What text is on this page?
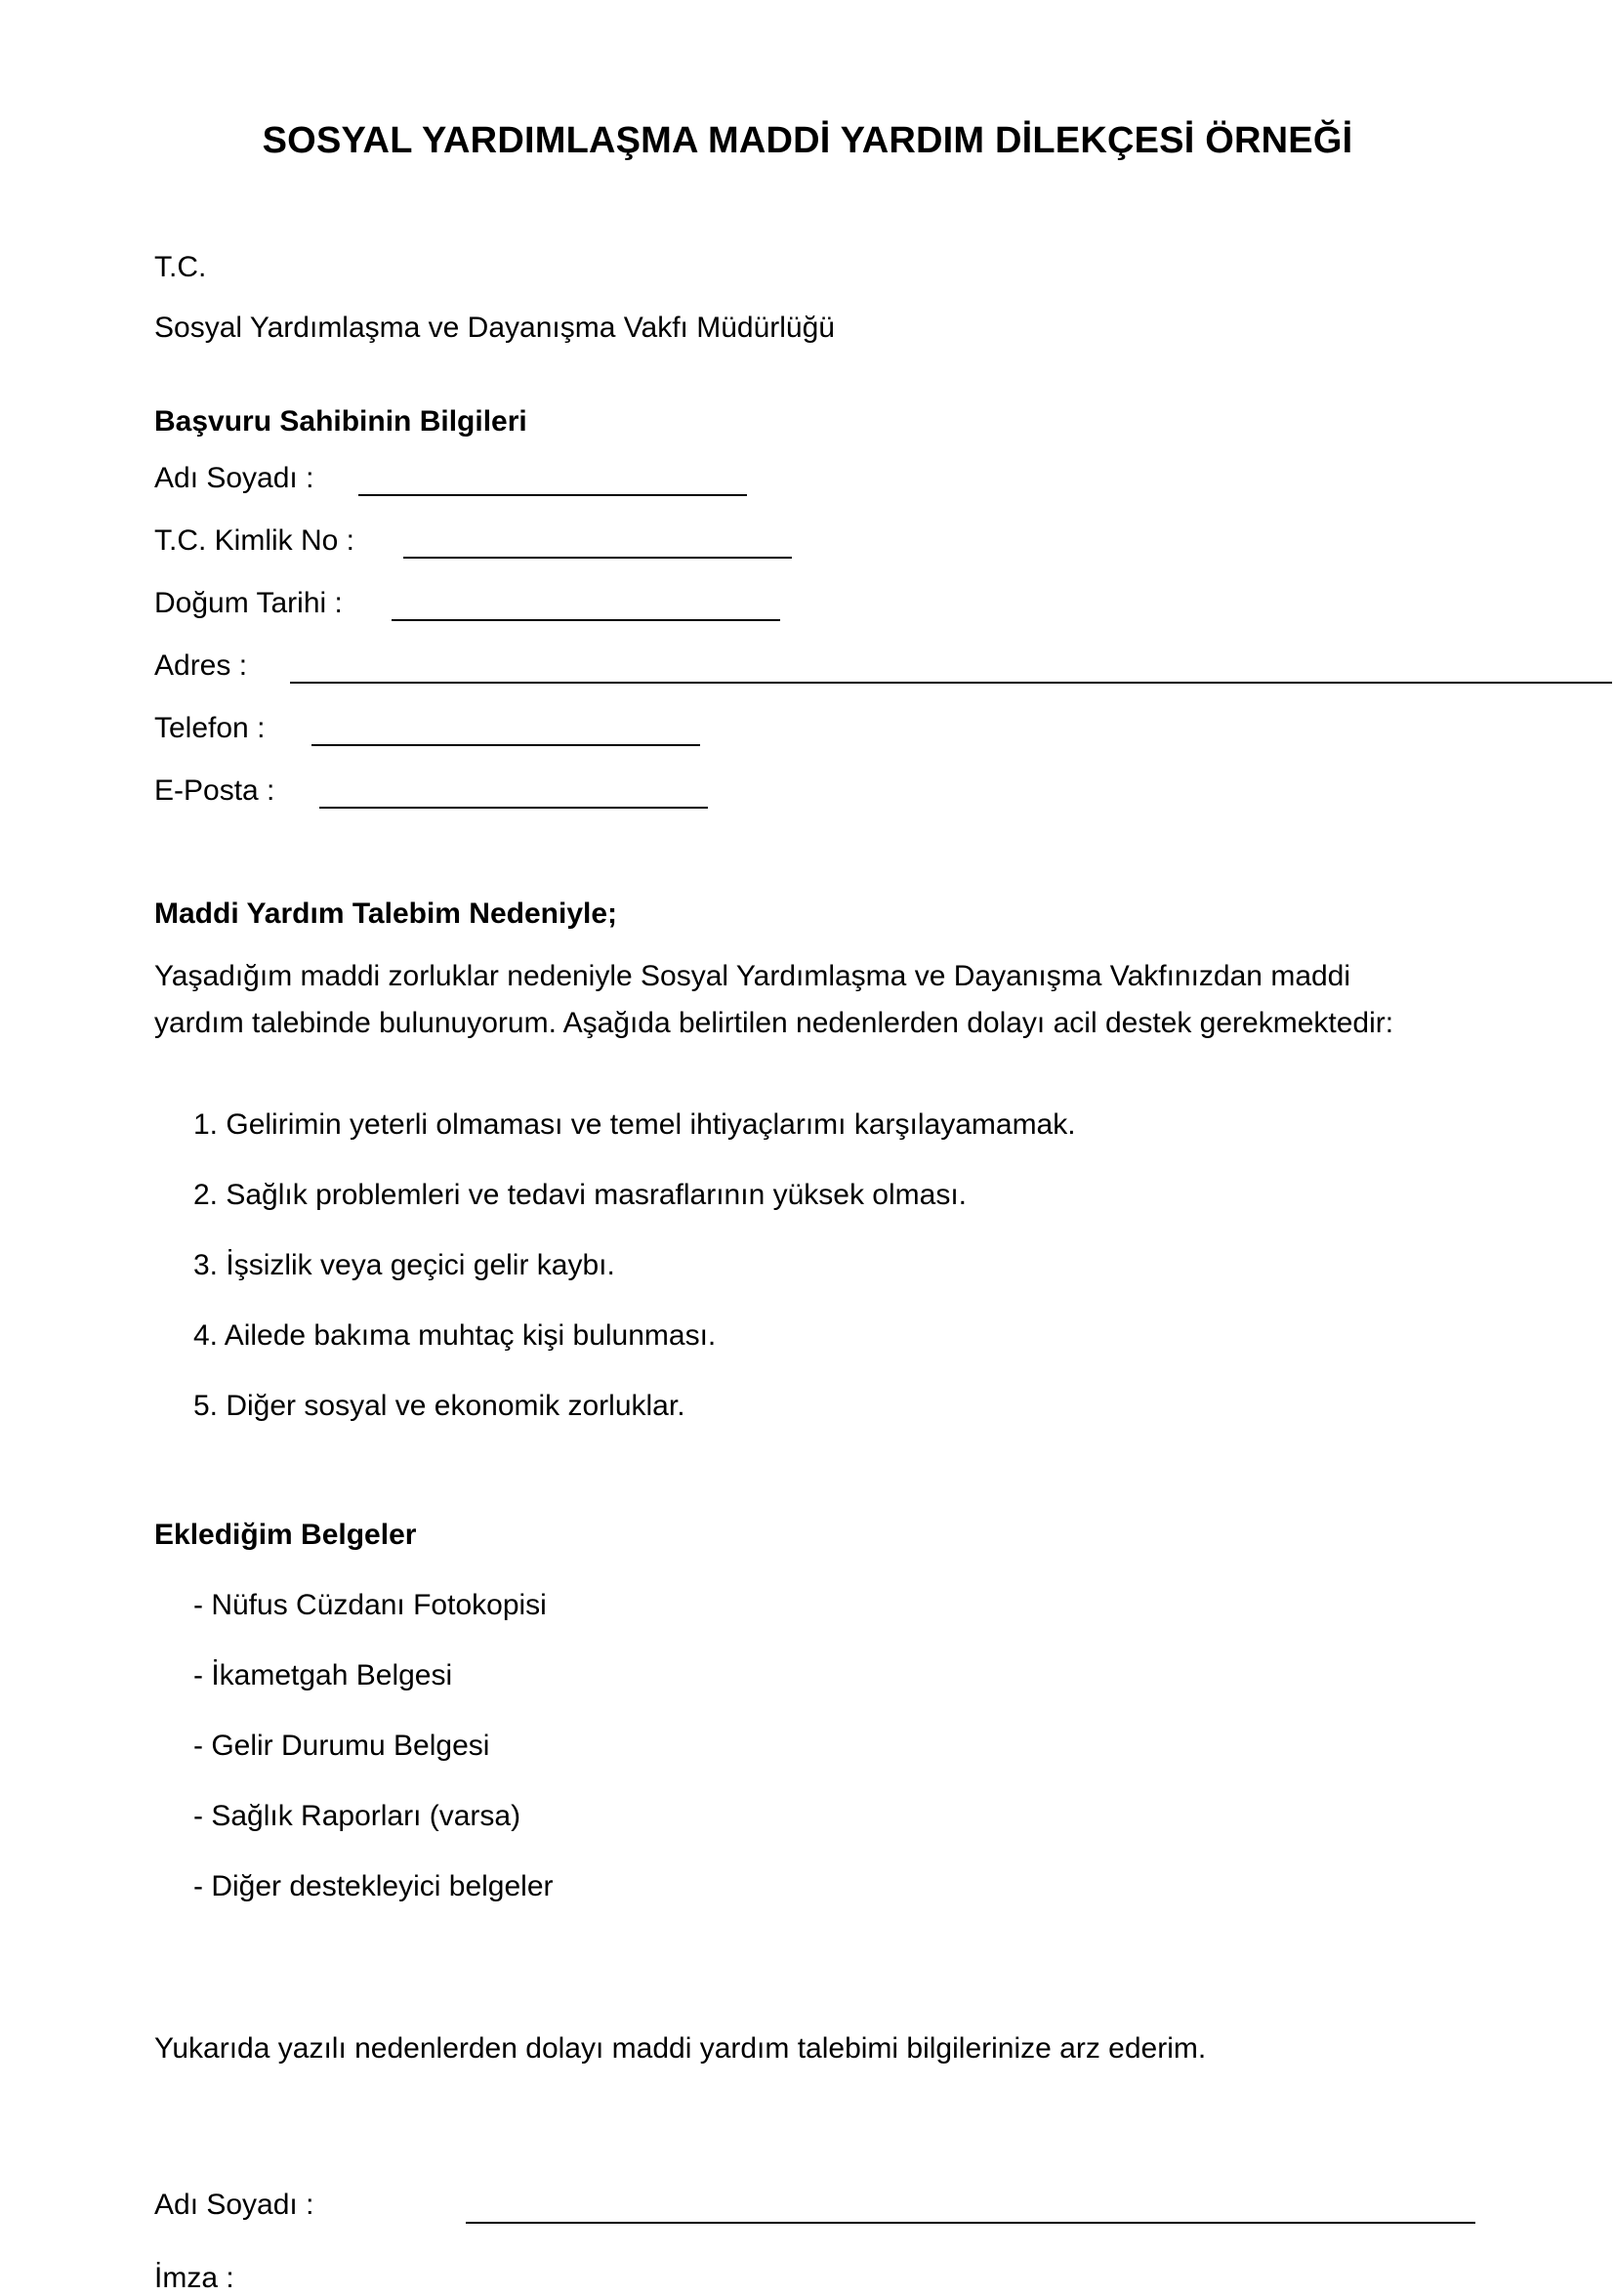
SOSYAL YARDIMLAŞMA MADDİ YARDIM DİLEKÇESİ ÖRNEĞİ
T.C.
Sosyal Yardımlaşma ve Dayanışma Vakfı Müdürlüğü
Başvuru Sahibinin Bilgileri
Adı Soyadı :
T.C. Kimlik No :
Doğum Tarihi :
Adres :
Telefon :
E-Posta :
Maddi Yardım Talebim Nedeniyle;
Yaşadığım maddi zorluklar nedeniyle Sosyal Yardımlaşma ve Dayanışma Vakfınızdan maddi
yardım talebinde bulunuyorum. Aşağıda belirtilen nedenlerden dolayı acil destek gerekmektedir:
1. Gelirimin yeterli olmaması ve temel ihtiyaçlarımı karşılayamamak.
2. Sağlık problemleri ve tedavi masraflarının yüksek olması.
3. İşsizlik veya geçici gelir kaybı.
4. Ailede bakıma muhtaç kişi bulunması.
5. Diğer sosyal ve ekonomik zorluklar.
Eklediğim Belgeler
- Nüfus Cüzdanı Fotokopisi
- İkametgah Belgesi
- Gelir Durumu Belgesi
- Sağlık Raporları (varsa)
- Diğer destekleyici belgeler
Yukarıda yazılı nedenlerden dolayı maddi yardım talebimi bilgilerinize arz ederim.
Adı Soyadı :
İmza :
